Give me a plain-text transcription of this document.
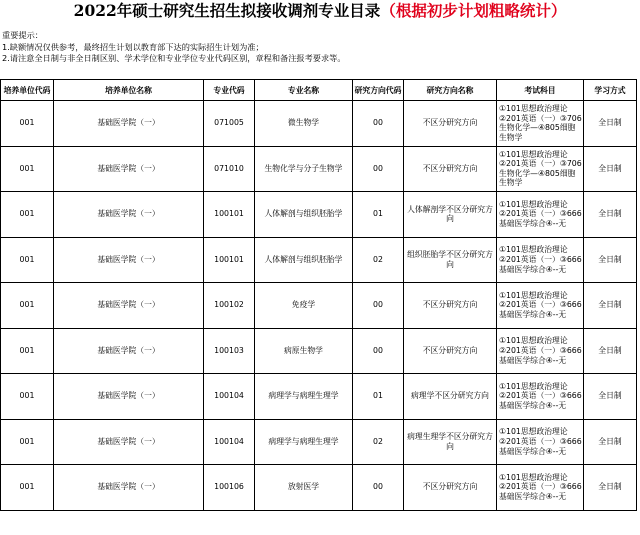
2022年硕士研究生招生拟接收调剂专业目录（根据初步计划粗略统计）
重要提示：
1.缺额情况仅供参考，最终招生计划以教育部下达的实际招生计划为准；
2.请注意全日制与非全日制区别、学术学位和专业学位专业代码区别，章程和备注报考要求等。
培养单位代码	培养单位名称	专业代码	专业名称	研究方向代码	研究方向名称	考试科目	学习方式
001	基础医学院（一）	071005	微生物学	00	不区分研究方向	①101思想政治理论②201英语（一）③706生物化学—④805细胞生物学	全日制
001	基础医学院（一）	071010	生物化学与分子生物学	00	不区分研究方向	①101思想政治理论②201英语（一）③706生物化学—④805细胞生物学	全日制
001	基础医学院（一）	100101	人体解剖与组织胚胎学	01	人体解剖学不区分研究方向	①101思想政治理论②201英语（一）③666基础医学综合④--无	全日制
001	基础医学院（一）	100101	人体解剖与组织胚胎学	02	组织胚胎学不区分研究方向	①101思想政治理论②201英语（一）③666基础医学综合④--无	全日制
001	基础医学院（一）	100102	免疫学	00	不区分研究方向	①101思想政治理论②201英语（一）③666基础医学综合④--无	全日制
001	基础医学院（一）	100103	病原生物学	00	不区分研究方向	①101思想政治理论②201英语（一）③666基础医学综合④--无	全日制
001	基础医学院（一）	100104	病理学与病理生理学	01	病理学不区分研究方向	①101思想政治理论②201英语（一）③666基础医学综合④--无	全日制
001	基础医学院（一）	100104	病理学与病理生理学	02	病理生理学不区分研究方向	①101思想政治理论②201英语（一）③666基础医学综合④--无	全日制
001	基础医学院（一）	100106	放射医学	00	不区分研究方向	①101思想政治理论②201英语（一）③666基础医学综合④--无	全日制
